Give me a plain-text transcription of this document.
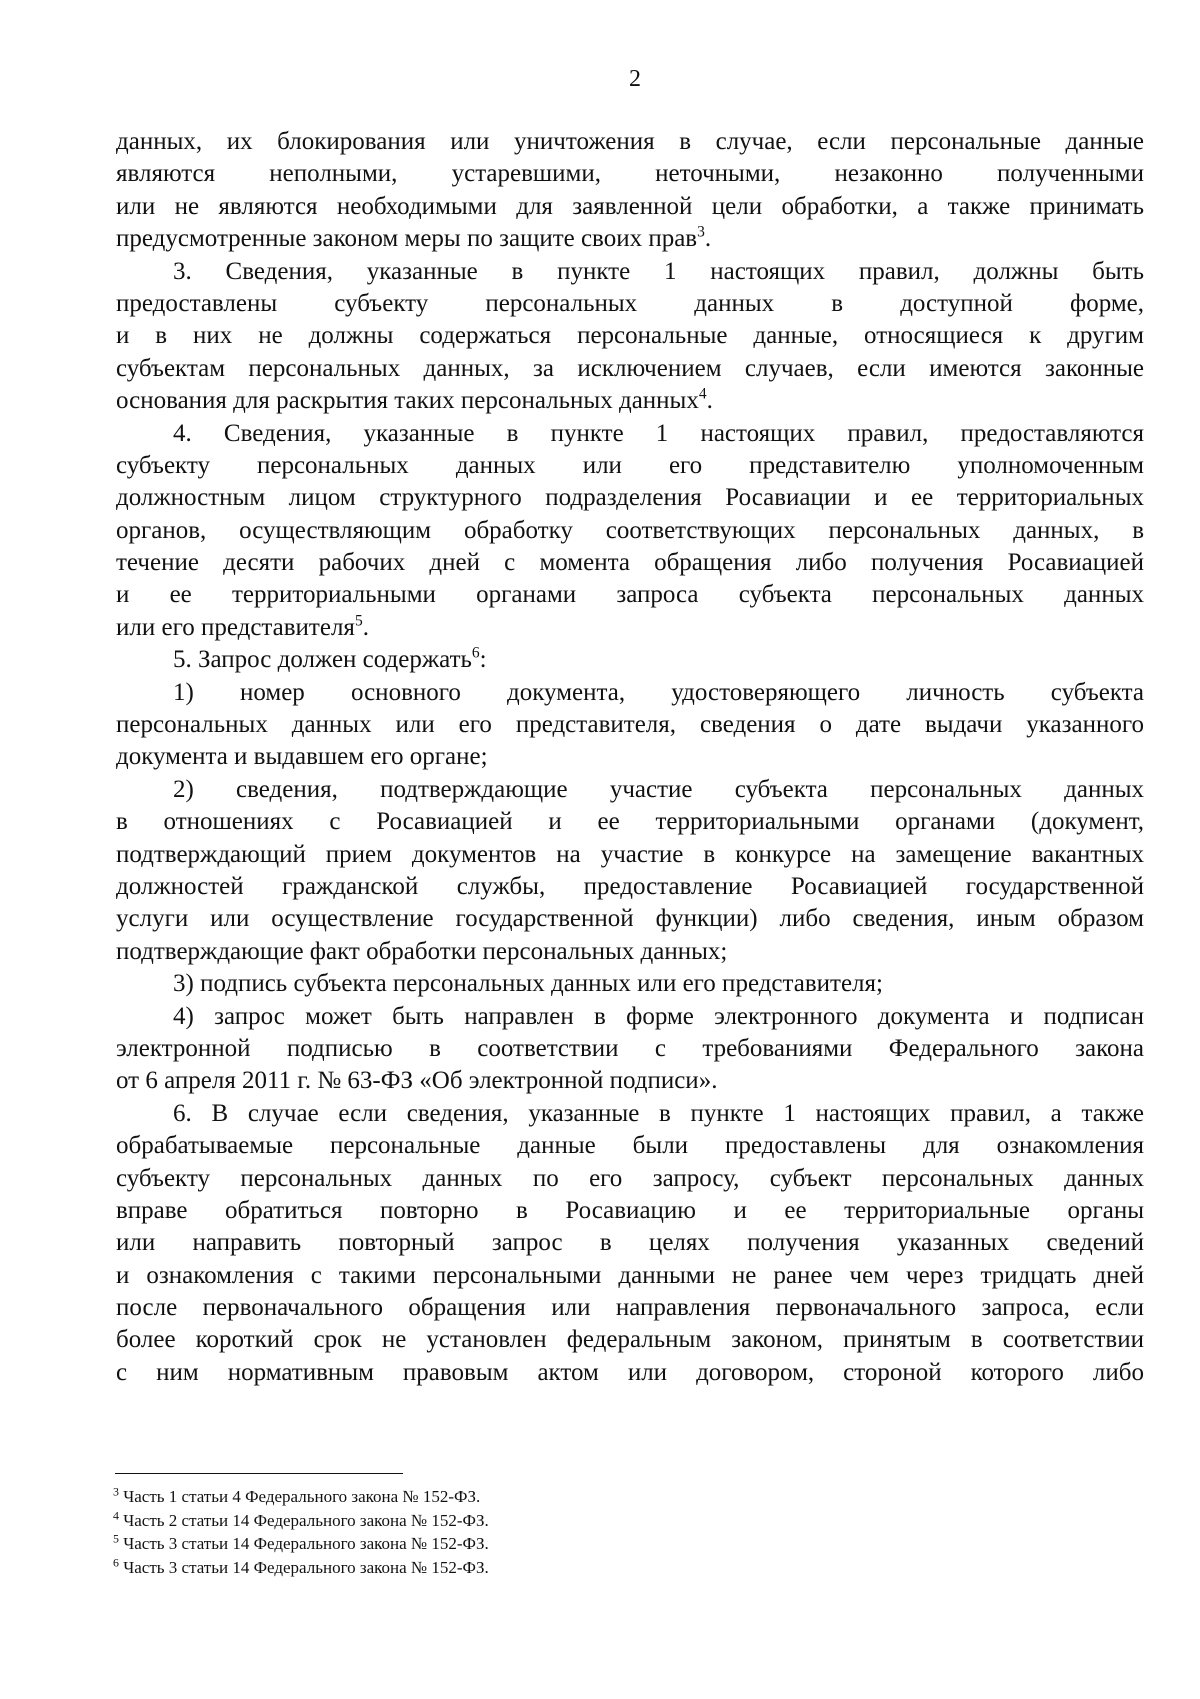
2
данных, их блокирования или уничтожения в случае, если персональные данные
являются неполными, устаревшими, неточными, незаконно полученными
или не являются необходимыми для заявленной цели обработки, а также принимать
предусмотренные законом меры по защите своих прав$^3$.
3. Сведения, указанные в пункте 1 настоящих правил, должны быть
предоставлены субъекту персональных данных в доступной форме,
и в них не должны содержаться персональные данные, относящиеся к другим
субъектам персональных данных, за исключением случаев, если имеются законные
основания для раскрытия таких персональных данных$^4$.
4. Сведения, указанные в пункте 1 настоящих правил, предоставляются
субъекту персональных данных или его представителю уполномоченным
должностным лицом структурного подразделения Росавиации и ее территориальных
органов, осуществляющим обработку соответствующих персональных данных, в
течение десяти рабочих дней с момента обращения либо получения Росавиацией
и ее территориальными органами запроса субъекта персональных данных
или его представителя$^5$.
5. Запрос должен содержать$^6$:
1) номер основного документа, удостоверяющего личность субъекта
персональных данных или его представителя, сведения о дате выдачи указанного
документа и выдавшем его органе;
2) сведения, подтверждающие участие субъекта персональных данных
в отношениях с Росавиацией и ее территориальными органами (документ,
подтверждающий прием документов на участие в конкурсе на замещение вакантных
должностей гражданской службы, предоставление Росавиацией государственной
услуги или осуществление государственной функции) либо сведения, иным образом
подтверждающие факт обработки персональных данных;
3) подпись субъекта персональных данных или его представителя;
4) запрос может быть направлен в форме электронного документа и подписан
электронной подписью в соответствии с требованиями Федерального закона
от 6 апреля 2011 г. № 63-ФЗ «Об электронной подписи».
6. В случае если сведения, указанные в пункте 1 настоящих правил, а также
обрабатываемые персональные данные были предоставлены для ознакомления
субъекту персональных данных по его запросу, субъект персональных данных
вправе обратиться повторно в Росавиацию и ее территориальные органы
или направить повторный запрос в целях получения указанных сведений
и ознакомления с такими персональными данными не ранее чем через тридцать дней
после первоначального обращения или направления первоначального запроса, если
более короткий срок не установлен федеральным законом, принятым в соответствии
с ним нормативным правовым актом или договором, стороной которого либо
$^3$ Часть 1 статьи 4 Федерального закона № 152-ФЗ.
$^4$ Часть 2 статьи 14 Федерального закона № 152-ФЗ.
$^5$ Часть 3 статьи 14 Федерального закона № 152-ФЗ.
$^6$ Часть 3 статьи 14 Федерального закона № 152-ФЗ.
